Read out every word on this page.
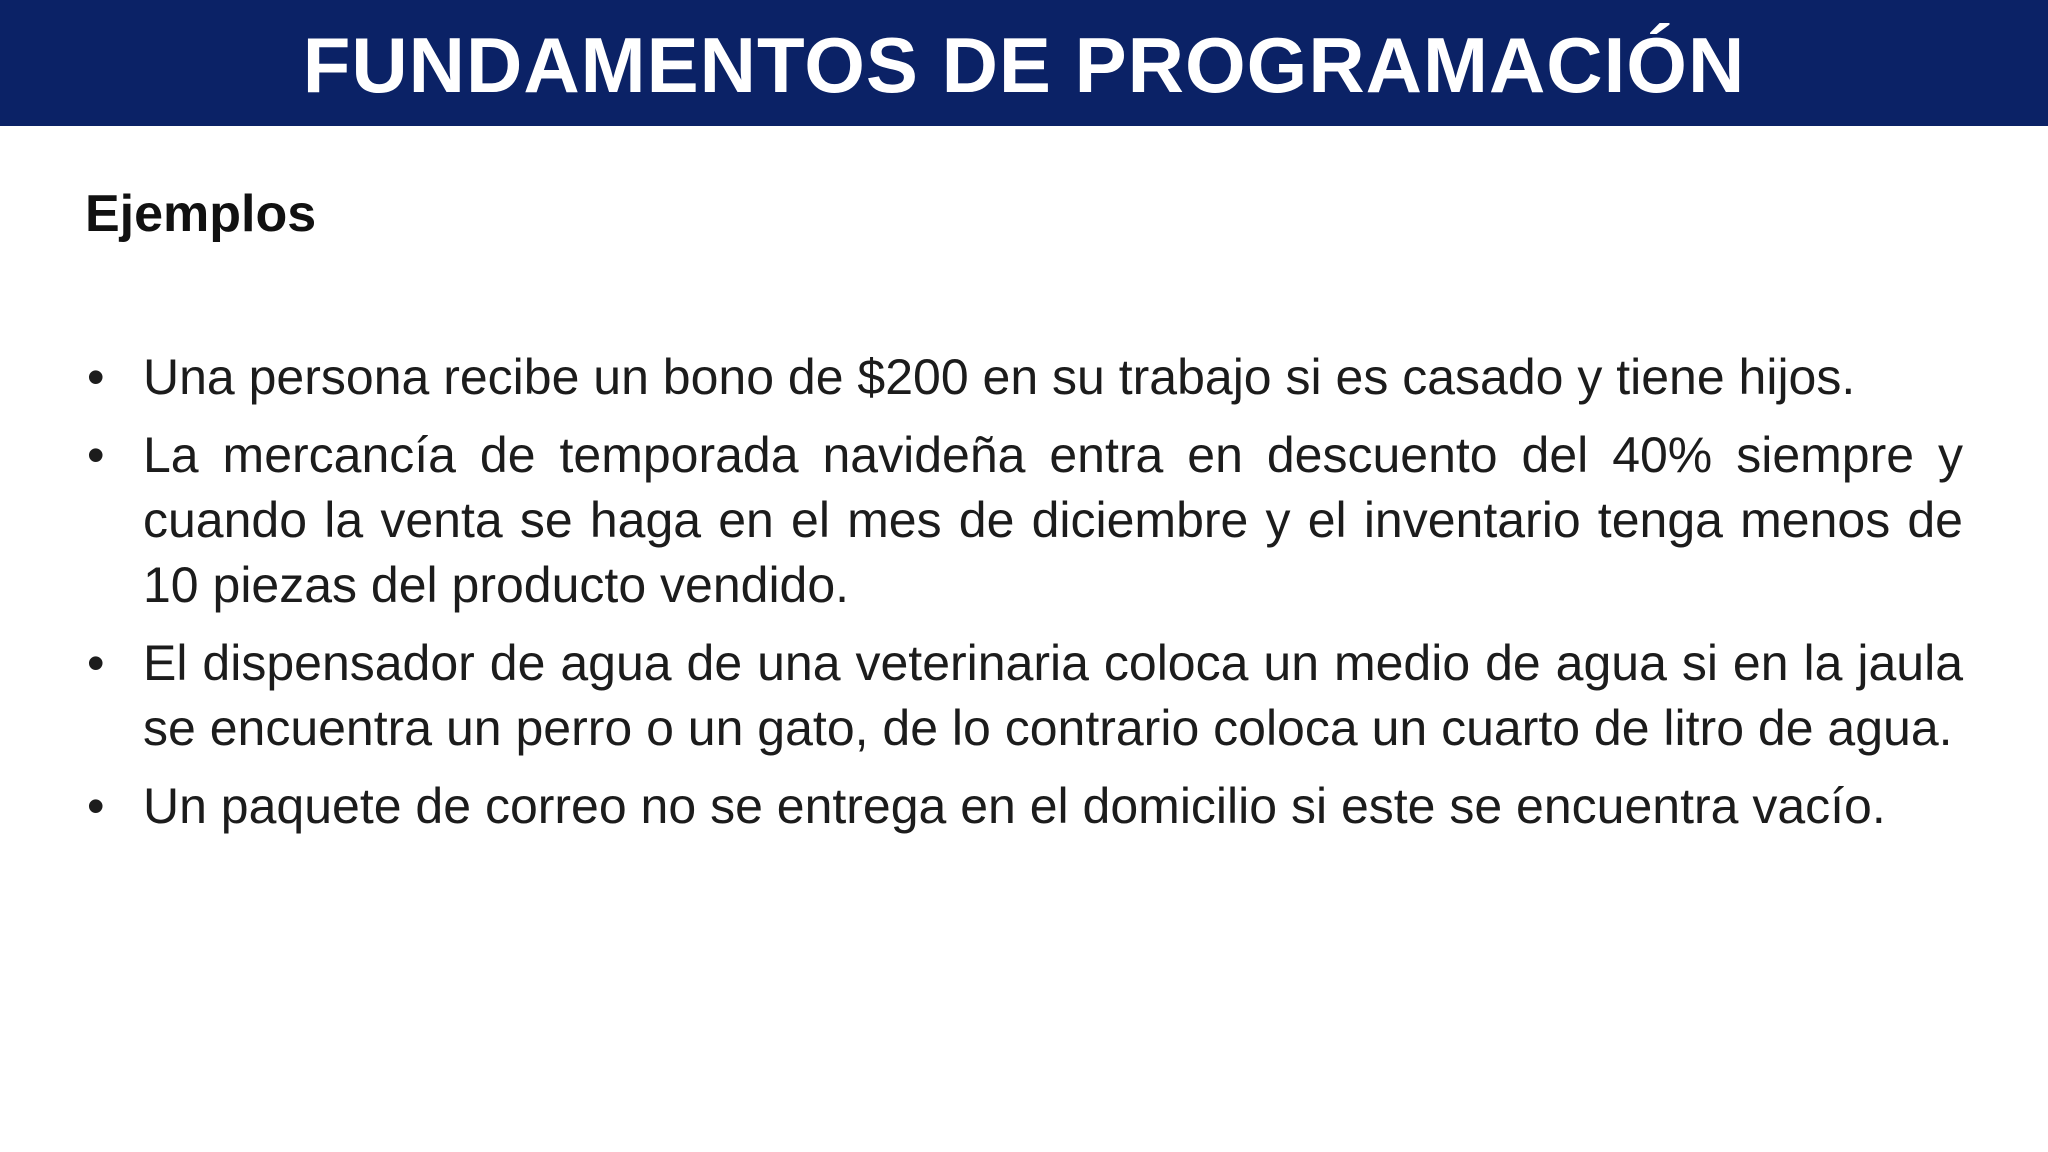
FUNDAMENTOS DE PROGRAMACIÓN
Ejemplos
• Una persona recibe un bono de $200 en su trabajo si es casado y tiene hijos.
• La mercancía de temporada navideña entra en descuento del 40% siempre y cuando la venta se haga en el mes de diciembre y el inventario tenga menos de 10 piezas del producto vendido.
• El dispensador de agua de una veterinaria coloca un medio de agua si en la jaula se encuentra un perro o un gato, de lo contrario coloca un cuarto de litro de agua.
• Un paquete de correo no se entrega en el domicilio si este se encuentra vacío.
